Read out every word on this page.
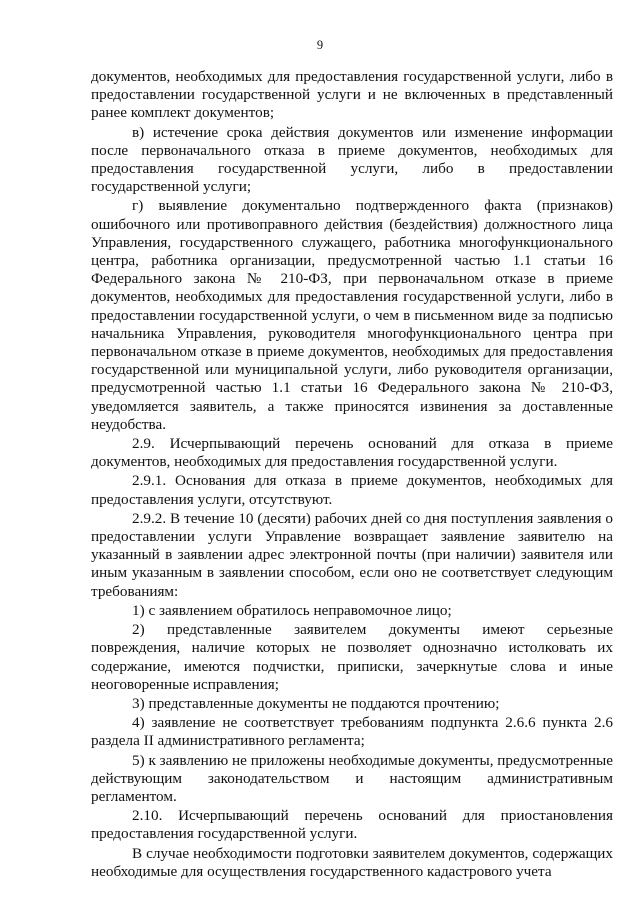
9

документов, необходимых для предоставления государственной услуги, либо в предоставлении государственной услуги и не включенных в представленный ранее комплект документов;

в) истечение срока действия документов или изменение информации после первоначального отказа в приеме документов, необходимых для предоставления государственной услуги, либо в предоставлении государственной услуги;

г) выявление документально подтвержденного факта (признаков) ошибочного или противоправного действия (бездействия) должностного лица Управления, государственного служащего, работника многофункционального центра, работника организации, предусмотренной частью 1.1 статьи 16 Федерального закона № 210-ФЗ, при первоначальном отказе в приеме документов, необходимых для предоставления государственной услуги, либо в предоставлении государственной услуги, о чем в письменном виде за подписью начальника Управления, руководителя многофункционального центра при первоначальном отказе в приеме документов, необходимых для предоставления государственной или муниципальной услуги, либо руководителя организации, предусмотренной частью 1.1 статьи 16 Федерального закона № 210-ФЗ, уведомляется заявитель, а также приносятся извинения за доставленные неудобства.

2.9. Исчерпывающий перечень оснований для отказа в приеме документов, необходимых для предоставления государственной услуги.

2.9.1. Основания для отказа в приеме документов, необходимых для предоставления услуги, отсутствуют.

2.9.2. В течение 10 (десяти) рабочих дней со дня поступления заявления о предоставлении услуги Управление возвращает заявление заявителю на указанный в заявлении адрес электронной почты (при наличии) заявителя или иным указанным в заявлении способом, если оно не соответствует следующим требованиям:

1) с заявлением обратилось неправомочное лицо;

2) представленные заявителем документы имеют серьезные повреждения, наличие которых не позволяет однозначно истолковать их содержание, имеются подчистки, приписки, зачеркнутые слова и иные неоговоренные исправления;

3) представленные документы не поддаются прочтению;

4) заявление не соответствует требованиям подпункта 2.6.6 пункта 2.6 раздела II административного регламента;

5) к заявлению не приложены необходимые документы, предусмотренные действующим законодательством и настоящим административным регламентом.

2.10. Исчерпывающий перечень оснований для приостановления предоставления государственной услуги.

В случае необходимости подготовки заявителем документов, содержащих необходимые для осуществления государственного кадастрового учета
